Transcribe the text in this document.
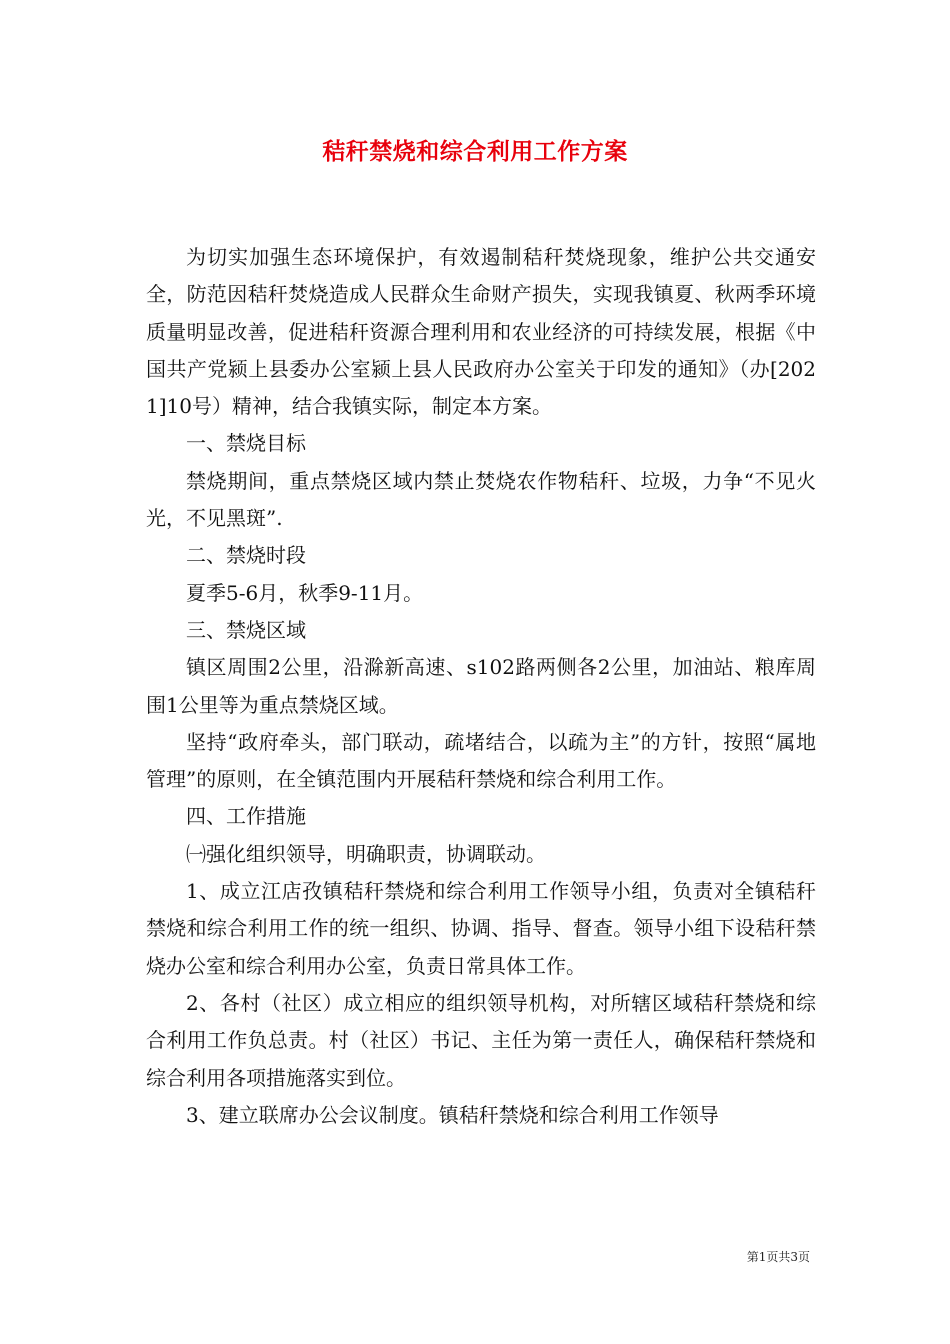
秸秆禁烧和综合利用工作方案

为切实加强生态环境保护，有效遏制秸秆焚烧现象，维护公共交通安全，防范因秸秆焚烧造成人民群众生命财产损失，实现我镇夏、秋两季环境质量明显改善，促进秸秆资源合理利用和农业经济的可持续发展，根据《中国共产党颍上县委办公室颍上县人民政府办公室关于印发的通知》（办[2021]10号）精神，结合我镇实际，制定本方案。

一、禁烧目标

禁烧期间，重点禁烧区域内禁止焚烧农作物秸秆、垃圾，力争“不见火光，不见黑斑”.

二、禁烧时段

夏季5-6月，秋季9-11月。

三、禁烧区域

镇区周围2公里，沿滁新高速、s102路两侧各2公里，加油站、粮库周围1公里等为重点禁烧区域。

坚持“政府牵头，部门联动，疏堵结合，以疏为主”的方针，按照“属地管理”的原则，在全镇范围内开展秸秆禁烧和综合利用工作。

四、工作措施

㈠强化组织领导，明确职责，协调联动。

1、成立江店孜镇秸秆禁烧和综合利用工作领导小组，负责对全镇秸秆禁烧和综合利用工作的统一组织、协调、指导、督查。领导小组下设秸秆禁烧办公室和综合利用办公室，负责日常具体工作。

2、各村（社区）成立相应的组织领导机构，对所辖区域秸秆禁烧和综合利用工作负总责。村（社区）书记、主任为第一责任人，确保秸秆禁烧和综合利用各项措施落实到位。

3、建立联席办公会议制度。镇秸秆禁烧和综合利用工作领导

第1页共3页
